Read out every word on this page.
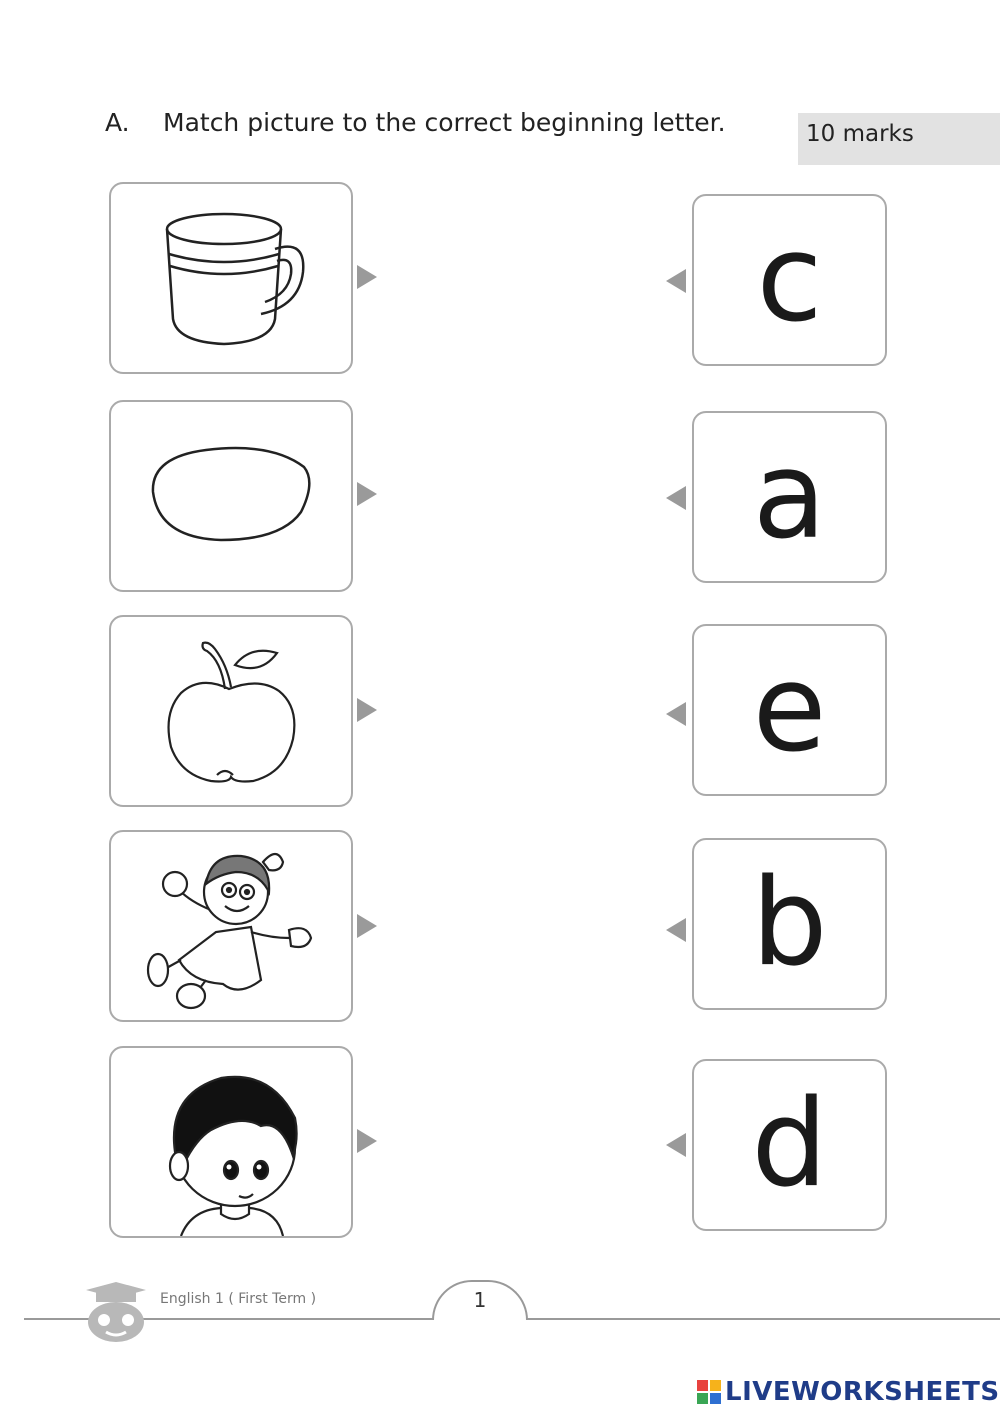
A. Match picture to the correct beginning letter.	10 marks
c
a
e
b
d
English 1 ( First Term )	1
LIVEWORKSHEETS
